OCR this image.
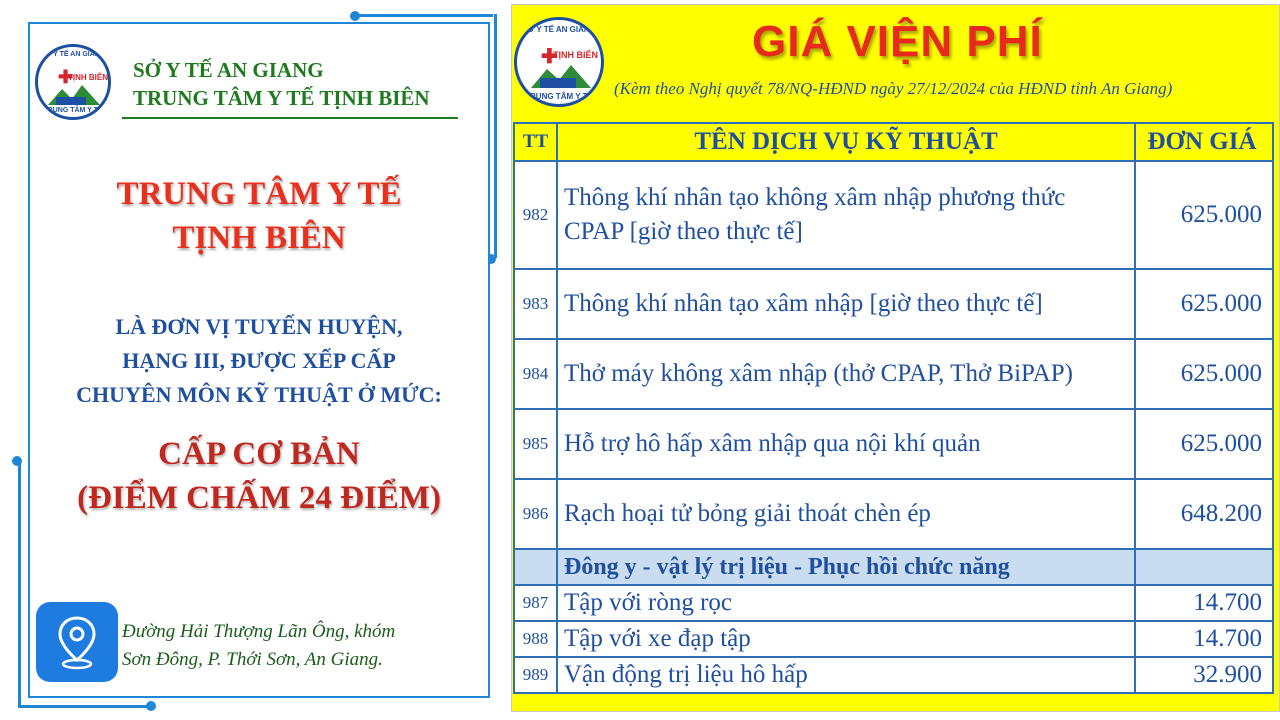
SỞ Y TẾ AN GIANG
✚
TỊNH BIÊN
TRUNG TÂM Y TẾ
SỞ Y TẾ AN GIANG
TRUNG TÂM Y TẾ TỊNH BIÊN
TRUNG TÂM Y TẾ
TỊNH BIÊN
LÀ ĐƠN VỊ TUYẾN HUYỆN,
HẠNG III, ĐƯỢC XẾP CẤP
CHUYÊN MÔN KỸ THUẬT Ở MỨC:
CẤP CƠ BẢN
(ĐIỂM CHẤM 24 ĐIỂM)
Đường Hải Thượng Lãn Ông, khóm
Sơn Đông, P. Thới Sơn, An Giang.
SỞ Y TẾ AN GIANG
✚
TỊNH BIÊN
TRUNG TÂM Y TẾ
GIÁ VIỆN PHÍ
(Kèm theo Nghị quyết 78/NQ-HĐND ngày 27/12/2024 của HĐND tỉnh An Giang)
TT	TÊN DỊCH VỤ KỸ THUẬT	ĐƠN GIÁ
982	Thông khí nhân tạo không xâm nhập phương thức CPAP [giờ theo thực tế]	625.000
983	Thông khí nhân tạo xâm nhập [giờ theo thực tế]	625.000
984	Thở máy không xâm nhập (thở CPAP, Thở BiPAP)	625.000
985	Hỗ trợ hô hấp xâm nhập qua nội khí quản	625.000
986	Rạch hoại tử bỏng giải thoát chèn ép	648.200
	Đông y - vật lý trị liệu - Phục hồi chức năng	
987	Tập với ròng rọc	14.700
988	Tập với xe đạp tập	14.700
989	Vận động trị liệu hô hấp	32.900
